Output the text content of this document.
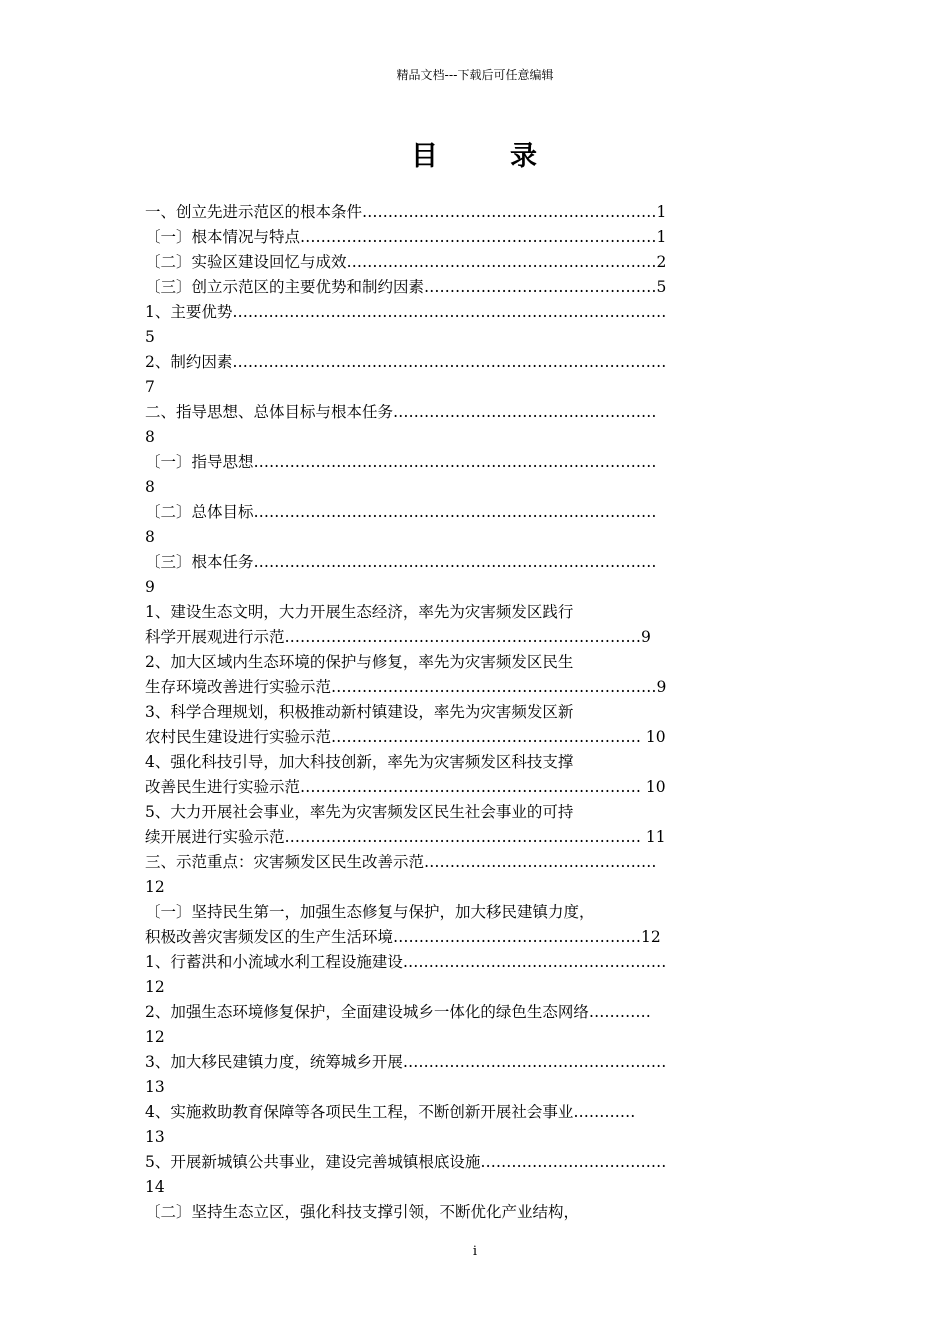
精品文档---下载后可任意编辑
目	录
一、创立先进示范区的根本条件…………………………………………………1
〔一〕根本情况与特点……………………………………………………………1
〔二〕实验区建设回忆与成效……………………………………………………2
〔三〕创立示范区的主要优势和制约因素………………………………………5
1、主要优势…………………………………………………………………………
5
2、制约因素…………………………………………………………………………
7
二、指导思想、总体目标与根本任务……………………………………………
8
〔一〕指导思想……………………………………………………………………
8
〔二〕总体目标……………………………………………………………………
8
〔三〕根本任务……………………………………………………………………
9
1、建设生态文明，大力开展生态经济，率先为灾害频发区践行
科学开展观进行示范……………………………………………………………9
2、加大区域内生态环境的保护与修复，率先为灾害频发区民生
生存环境改善进行实验示范………………………………………………………9
3、科学合理规划，积极推动新村镇建设，率先为灾害频发区新
农村民生建设进行实验示范…………………………………………………… 10
4、强化科技引导，加大科技创新，率先为灾害频发区科技支撑
改善民生进行实验示范………………………………………………………… 10
5、大力开展社会事业，率先为灾害频发区民生社会事业的可持
续开展进行实验示范…………………………………………………………… 11
三、示范重点：灾害频发区民生改善示范………………………………………
12
〔一〕坚持民生第一，加强生态修复与保护，加大移民建镇力度，
积极改善灾害频发区的生产生活环境…………………………………………12
1、行蓄洪和小流域水利工程设施建设……………………………………………
12
2、加强生态环境修复保护，全面建设城乡一体化的绿色生态网络…………
12
3、加大移民建镇力度，统筹城乡开展……………………………………………
13
4、实施救助教育保障等各项民生工程，不断创新开展社会事业…………
13
5、开展新城镇公共事业，建设完善城镇根底设施………………………………
14
〔二〕坚持生态立区，强化科技支撑引领，不断优化产业结构，
i
